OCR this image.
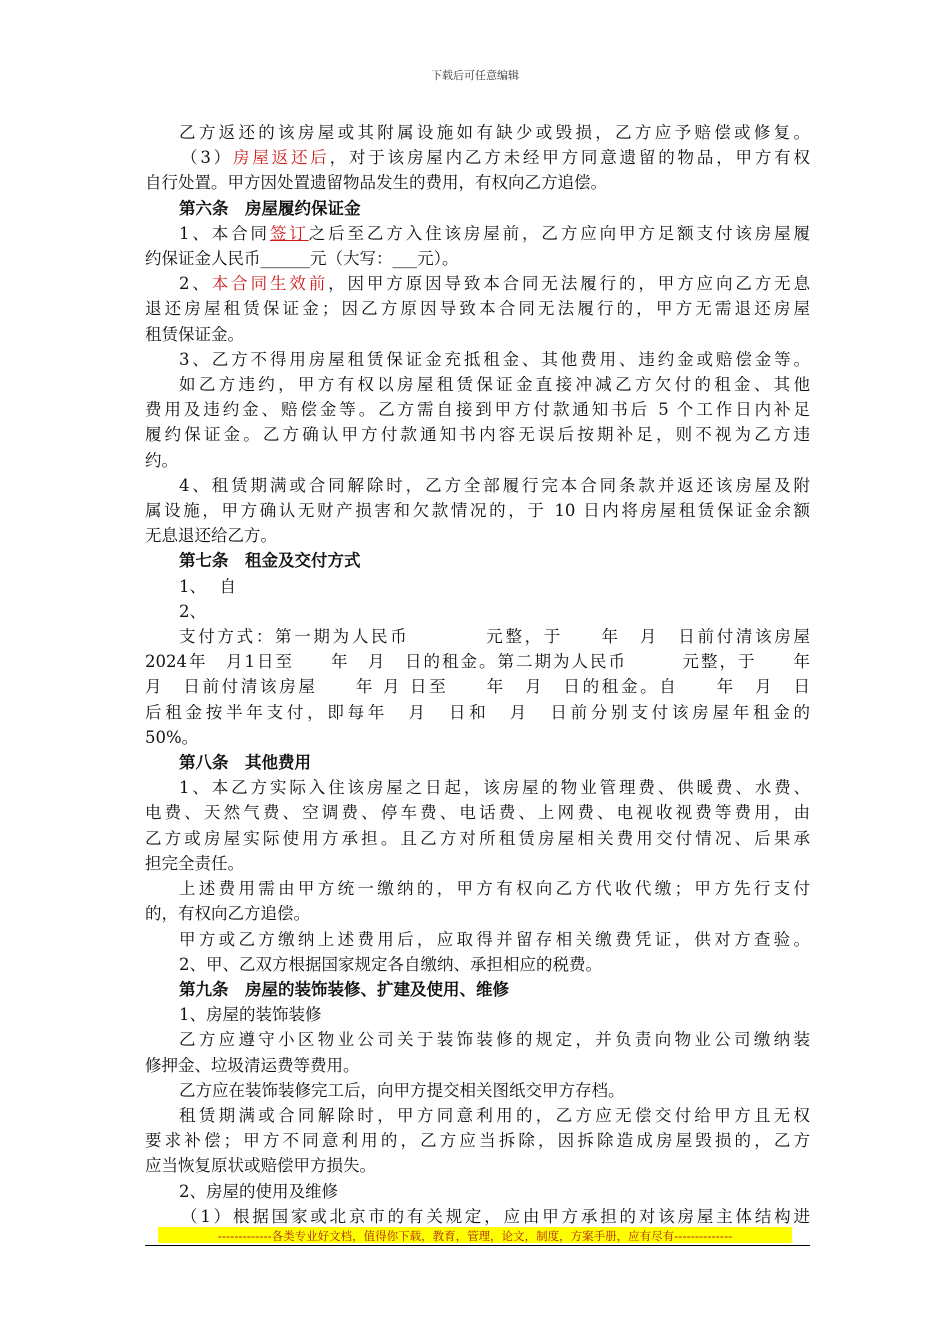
下载后可任意编辑

乙方返还的该房屋或其附属设施如有缺少或毁损，乙方应予赔偿或修复。

（3）房屋返还后，对于该房屋内乙方未经甲方同意遗留的物品，甲方有权

自行处置。甲方因处置遗留物品发生的费用，有权向乙方追偿。

第六条　房屋履约保证金

1、本合同签订之后至乙方入住该房屋前，乙方应向甲方足额支付该房屋履

约保证金人民币______元（大写：___元）。

2、本合同生效前，因甲方原因导致本合同无法履行的，甲方应向乙方无息

退还房屋租赁保证金；因乙方原因导致本合同无法履行的，甲方无需退还房屋

租赁保证金。

3、乙方不得用房屋租赁保证金充抵租金、其他费用、违约金或赔偿金等。

如乙方违约，甲方有权以房屋租赁保证金直接冲减乙方欠付的租金、其他

费用及违约金、赔偿金等。乙方需自接到甲方付款通知书后 5 个工作日内补足

履约保证金。乙方确认甲方付款通知书内容无误后按期补足，则不视为乙方违

约。

4、租赁期满或合同解除时，乙方全部履行完本合同条款并返还该房屋及附

属设施，甲方确认无财产损害和欠款情况的，于 10 日内将房屋租赁保证金余额

无息退还给乙方。

第七条　租金及交付方式

1、　 自

2、

支付方式：第一期为人民币　　　　元整，于　　年　月　日前付清该房屋

2024年　月1日至　　年　月　日的租金。第二期为人民币　　　元整，于　　年

月　日前付清该房屋　　年 月 日至　　年　月　日的租金。自　　年　月　日

后租金按半年支付，即每年　月　日和　月　日前分别支付该房屋年租金的

50%。

第八条　其他费用

1、本乙方实际入住该房屋之日起，该房屋的物业管理费、供暖费、水费、

电费、天然气费、空调费、停车费、电话费、上网费、电视收视费等费用，由

乙方或房屋实际使用方承担。且乙方对所租赁房屋相关费用交付情况、后果承

担完全责任。

上述费用需由甲方统一缴纳的，甲方有权向乙方代收代缴；甲方先行支付

的，有权向乙方追偿。

甲方或乙方缴纳上述费用后，应取得并留存相关缴费凭证，供对方查验。

2、甲、乙双方根据国家规定各自缴纳、承担相应的税费。

第九条　房屋的装饰装修、扩建及使用、维修

1、房屋的装饰装修

乙方应遵守小区物业公司关于装饰装修的规定，并负责向物业公司缴纳装

修押金、垃圾清运费等费用。

乙方应在装饰装修完工后，向甲方提交相关图纸交甲方存档。

租赁期满或合同解除时，甲方同意利用的，乙方应无偿交付给甲方且无权

要求补偿；甲方不同意利用的，乙方应当拆除，因拆除造成房屋毁损的，乙方

应当恢复原状或赔偿甲方损失。

2、房屋的使用及维修

（1）根据国家或北京市的有关规定，应由甲方承担的对该房屋主体结构进

-------------各类专业好文档，值得你下载，教育，管理，论文，制度，方案手册，应有尽有--------------
